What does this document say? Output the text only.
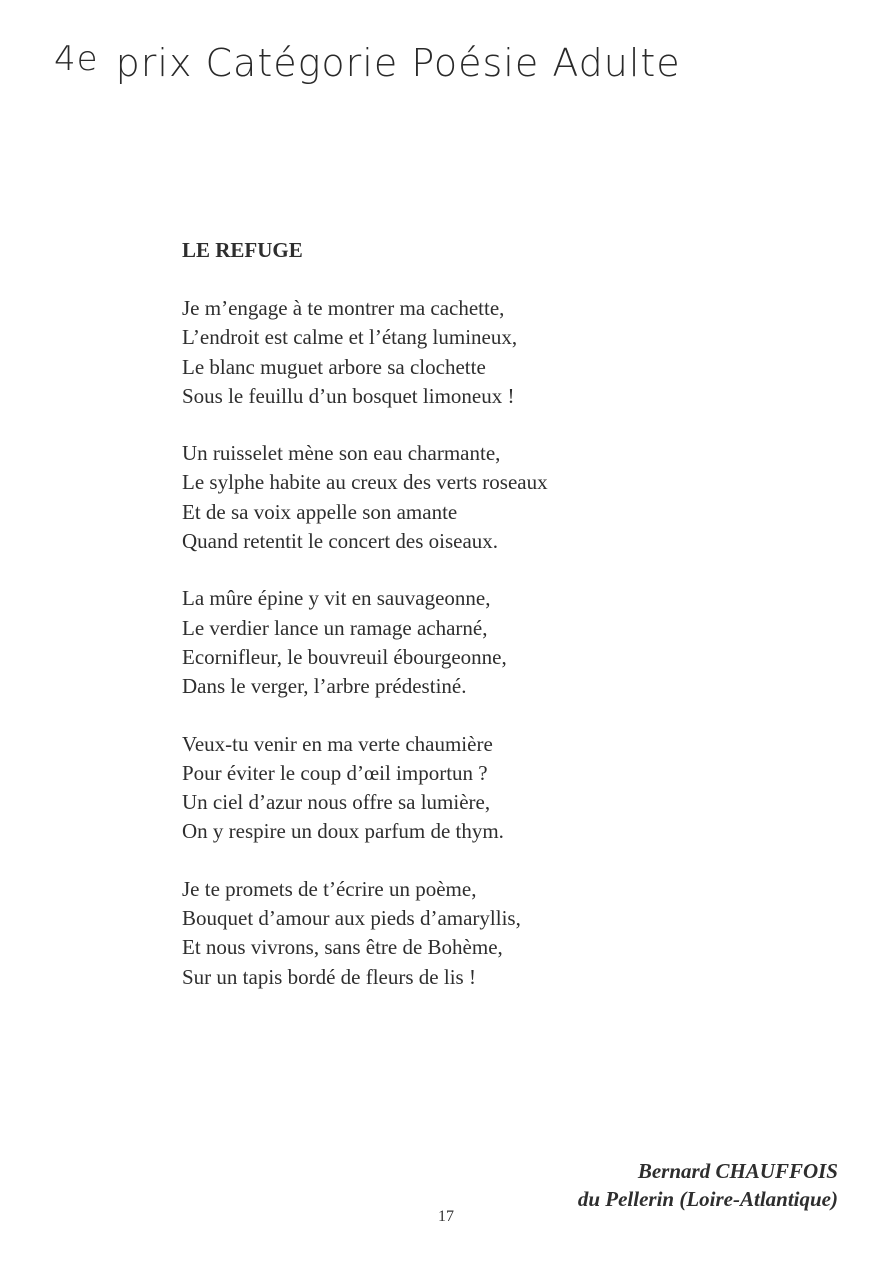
4e prix Catégorie Poésie Adulte
LE REFUGE
Je m’engage à te montrer ma cachette,
L’endroit est calme et l’étang lumineux,
Le blanc muguet arbore sa clochette
Sous le feuillu d’un bosquet limoneux !
Un ruisselet mène son eau charmante,
Le sylphe habite au creux des verts roseaux
Et de sa voix appelle son amante
Quand retentit le concert des oiseaux.
La mûre épine y vit en sauvageonne,
Le verdier lance un ramage acharné,
Ecornifleur, le bouvreuil ébourgeonne,
Dans le verger, l’arbre prédestiné.
Veux-tu venir en ma verte chaumière
Pour éviter le coup d’œil importun ?
Un ciel d’azur nous offre sa lumière,
On y respire un doux parfum de thym.
Je te promets de t’écrire un poème,
Bouquet d’amour aux pieds d’amaryllis,
Et nous vivrons, sans être de Bohème,
Sur un tapis bordé de fleurs de lis !
Bernard CHAUFFOIS
du Pellerin (Loire-Atlantique)
17
